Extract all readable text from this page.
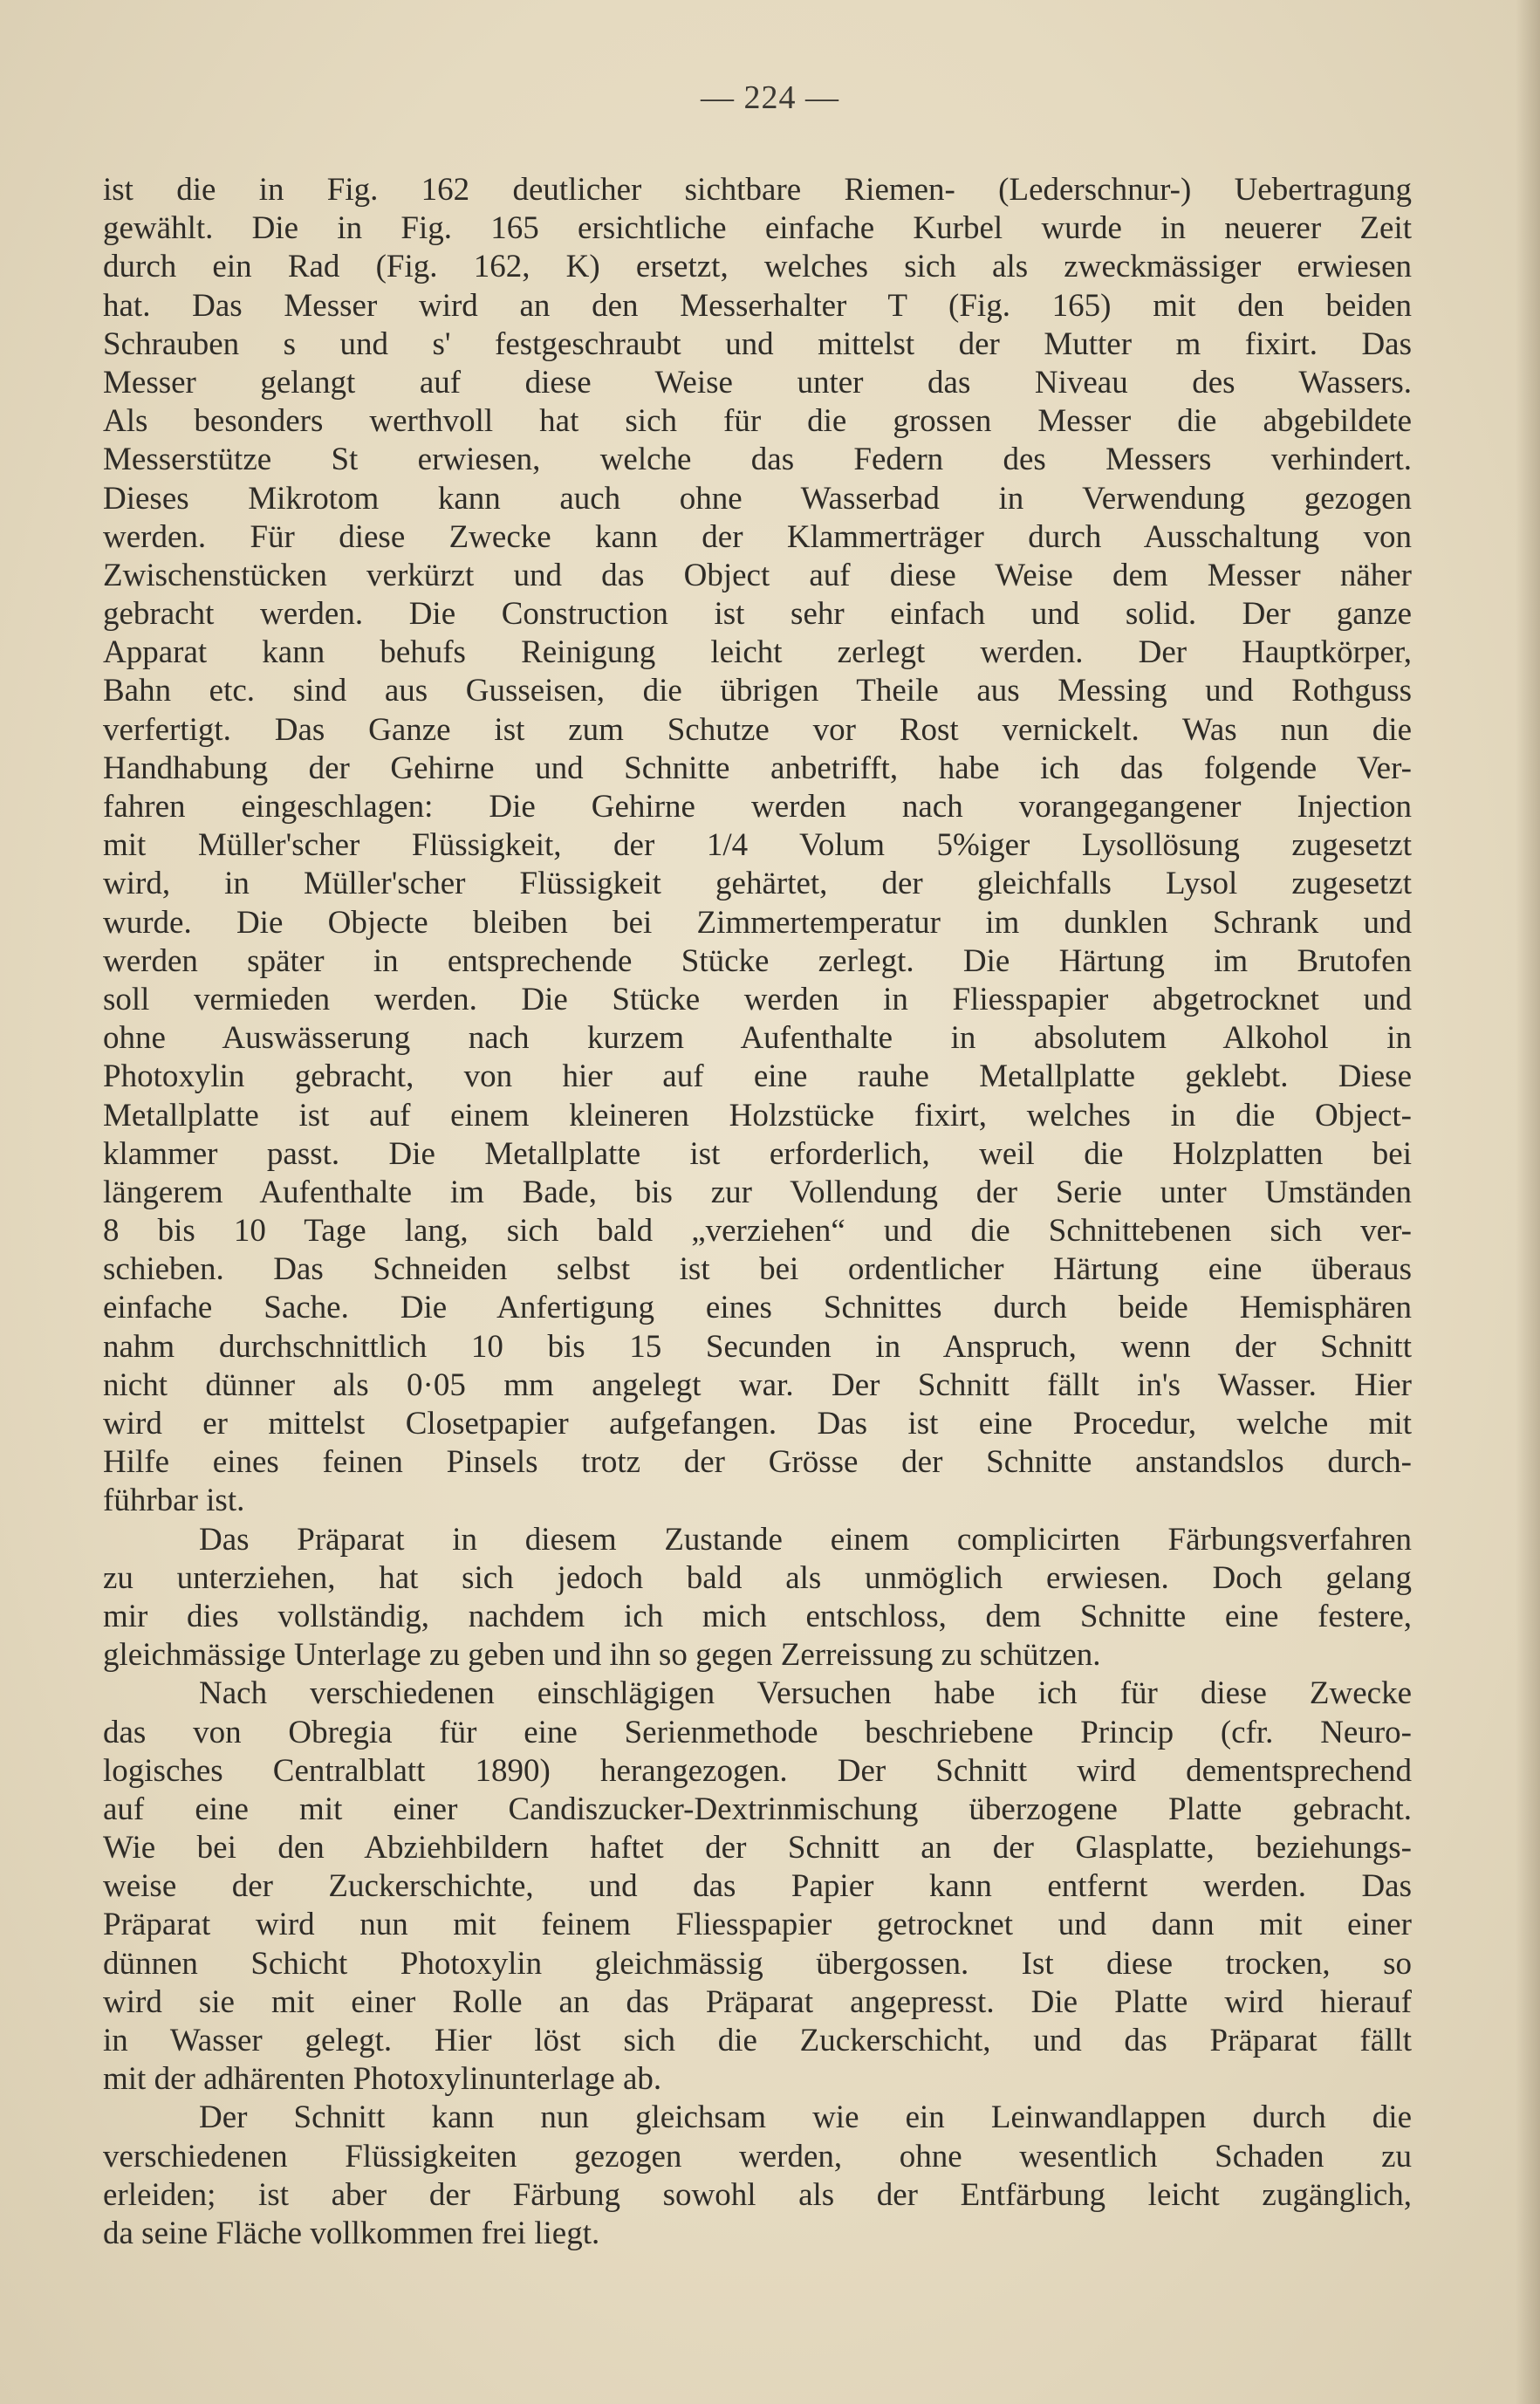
— 224 —
ist die in Fig. 162 deutlicher sichtbare Riemen- (Lederschnur-) Uebertragung
gewählt. Die in Fig. 165 ersichtliche einfache Kurbel wurde in neuerer Zeit
durch ein Rad (Fig. 162, K) ersetzt, welches sich als zweckmässiger erwiesen
hat. Das Messer wird an den Messerhalter T (Fig. 165) mit den beiden
Schrauben s und s' festgeschraubt und mittelst der Mutter m fixirt. Das
Messer gelangt auf diese Weise unter das Niveau des Wassers.
Als besonders werthvoll hat sich für die grossen Messer die abgebildete
Messerstütze St erwiesen, welche das Federn des Messers verhindert.
Dieses Mikrotom kann auch ohne Wasserbad in Verwendung gezogen
werden. Für diese Zwecke kann der Klammerträger durch Ausschaltung von
Zwischenstücken verkürzt und das Object auf diese Weise dem Messer näher
gebracht werden. Die Construction ist sehr einfach und solid. Der ganze
Apparat kann behufs Reinigung leicht zerlegt werden. Der Hauptkörper,
Bahn etc. sind aus Gusseisen, die übrigen Theile aus Messing und Rothguss
verfertigt. Das Ganze ist zum Schutze vor Rost vernickelt. Was nun die
Handhabung der Gehirne und Schnitte anbetrifft, habe ich das folgende Ver-
fahren eingeschlagen: Die Gehirne werden nach vorangegangener Injection
mit Müller'scher Flüssigkeit, der 1/4 Volum 5%iger Lysollösung zugesetzt
wird, in Müller'scher Flüssigkeit gehärtet, der gleichfalls Lysol zugesetzt
wurde. Die Objecte bleiben bei Zimmertemperatur im dunklen Schrank und
werden später in entsprechende Stücke zerlegt. Die Härtung im Brutofen
soll vermieden werden. Die Stücke werden in Fliesspapier abgetrocknet und
ohne Auswässerung nach kurzem Aufenthalte in absolutem Alkohol in
Photoxylin gebracht, von hier auf eine rauhe Metallplatte geklebt. Diese
Metallplatte ist auf einem kleineren Holzstücke fixirt, welches in die Object-
klammer passt. Die Metallplatte ist erforderlich, weil die Holzplatten bei
längerem Aufenthalte im Bade, bis zur Vollendung der Serie unter Umständen
8 bis 10 Tage lang, sich bald „verziehen“ und die Schnittebenen sich ver-
schieben. Das Schneiden selbst ist bei ordentlicher Härtung eine überaus
einfache Sache. Die Anfertigung eines Schnittes durch beide Hemisphären
nahm durchschnittlich 10 bis 15 Secunden in Anspruch, wenn der Schnitt
nicht dünner als 0·05 mm angelegt war. Der Schnitt fällt in's Wasser. Hier
wird er mittelst Closetpapier aufgefangen. Das ist eine Procedur, welche mit
Hilfe eines feinen Pinsels trotz der Grösse der Schnitte anstandslos durch-
führbar ist.
Das Präparat in diesem Zustande einem complicirten Färbungsverfahren
zu unterziehen, hat sich jedoch bald als unmöglich erwiesen. Doch gelang
mir dies vollständig, nachdem ich mich entschloss, dem Schnitte eine festere,
gleichmässige Unterlage zu geben und ihn so gegen Zerreissung zu schützen.
Nach verschiedenen einschlägigen Versuchen habe ich für diese Zwecke
das von Obregia für eine Serienmethode beschriebene Princip (cfr. Neuro-
logisches Centralblatt 1890) herangezogen. Der Schnitt wird dementsprechend
auf eine mit einer Candiszucker-Dextrinmischung überzogene Platte gebracht.
Wie bei den Abziehbildern haftet der Schnitt an der Glasplatte, beziehungs-
weise der Zuckerschichte, und das Papier kann entfernt werden. Das
Präparat wird nun mit feinem Fliesspapier getrocknet und dann mit einer
dünnen Schicht Photoxylin gleichmässig übergossen. Ist diese trocken, so
wird sie mit einer Rolle an das Präparat angepresst. Die Platte wird hierauf
in Wasser gelegt. Hier löst sich die Zuckerschicht, und das Präparat fällt
mit der adhärenten Photoxylinunterlage ab.
Der Schnitt kann nun gleichsam wie ein Leinwandlappen durch die
verschiedenen Flüssigkeiten gezogen werden, ohne wesentlich Schaden zu
erleiden; ist aber der Färbung sowohl als der Entfärbung leicht zugänglich,
da seine Fläche vollkommen frei liegt.
